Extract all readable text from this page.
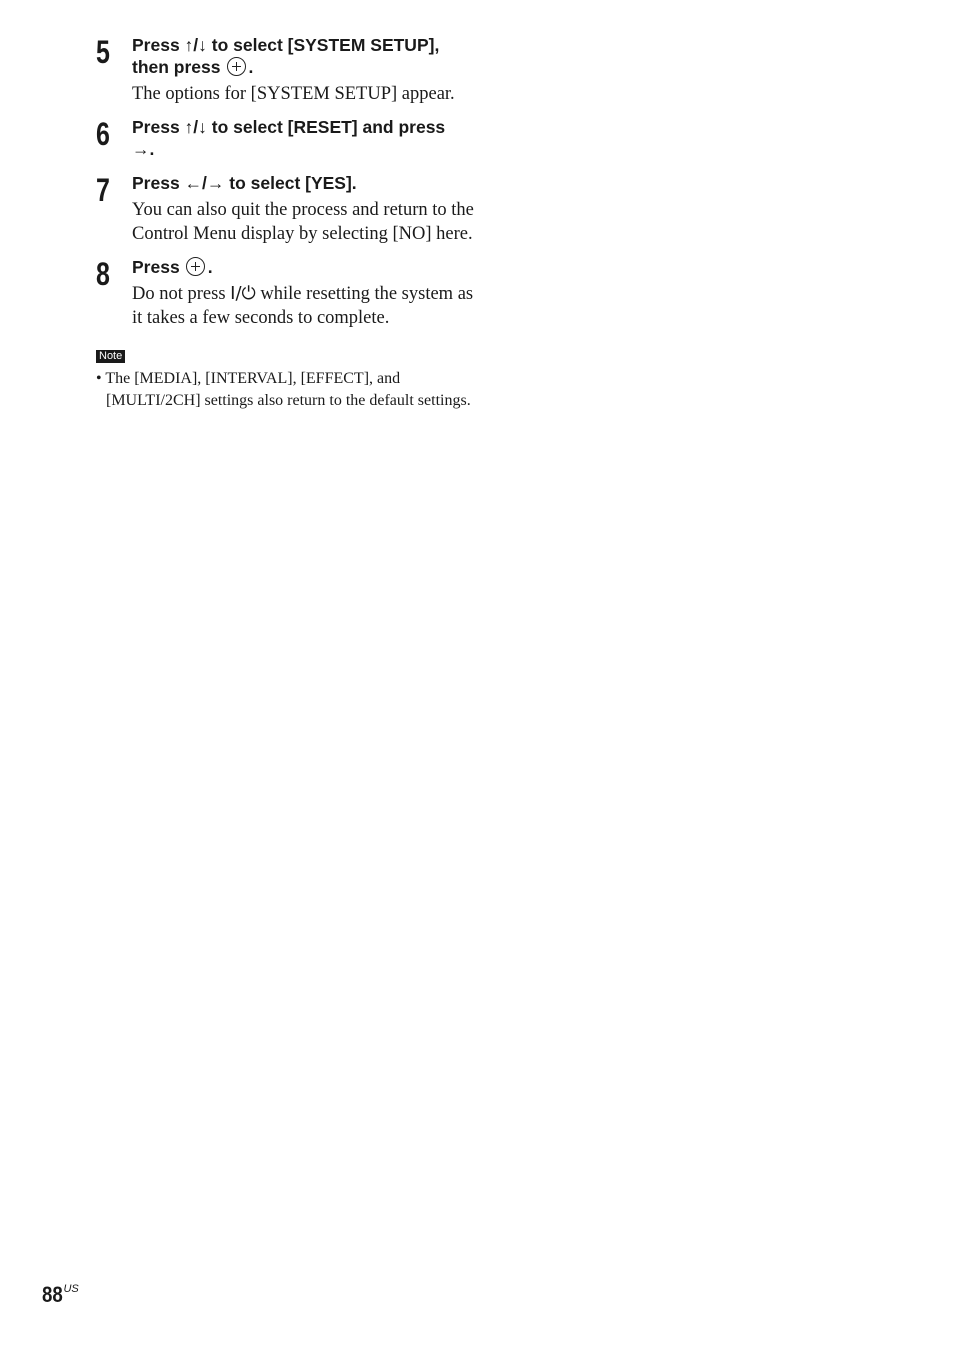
5 Press ↑/↓ to select [SYSTEM SETUP],
then press .

The options for [SYSTEM SETUP] appear.

6 Press ↑/↓ to select [RESET] and press
→.

7 Press ←/→ to select [YES].

You can also quit the process and return to the Control Menu display by selecting [NO] here.

8 Press .

Do not press I/⏻ while resetting the system as it takes a few seconds to complete.

Note

• The [MEDIA], [INTERVAL], [EFFECT], and [MULTI/2CH] settings also return to the default settings.

$88^{US}$
